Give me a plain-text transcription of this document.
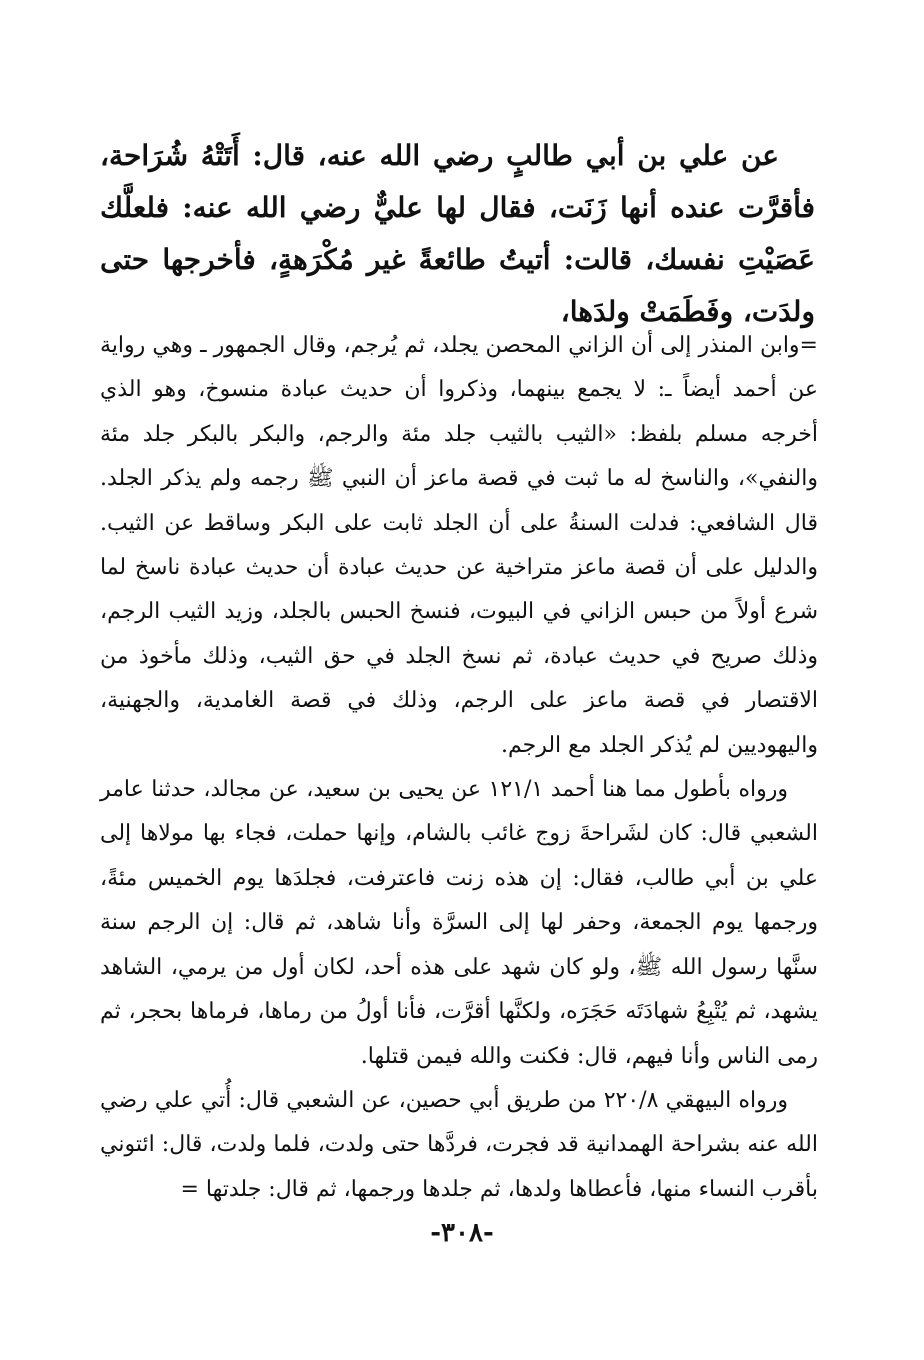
عن علي بن أبي طالبٍ رضي الله عنه، قال: أَتَتْهُ شُرَاحة، فأقرَّت عنده أنها زَنَت، فقال لها عليٌّ رضي الله عنه: فلعلَّك عَصَيْتِ نفسك، قالت: أتيتُ طائعةً غير مُكْرَهةٍ، فأخرجها حتى ولدَت، وفَطَمَتْ ولدَها،

=وابن المنذر إلى أن الزاني المحصن يجلد، ثم يُرجم، وقال الجمهور ـ وهي رواية عن أحمد أيضاً ـ: لا يجمع بينهما، وذكروا أن حديث عبادة منسوخ، وهو الذي أخرجه مسلم بلفظ: «الثيب بالثيب جلد مئة والرجم، والبكر بالبكر جلد مئة والنفي»، والناسخ له ما ثبت في قصة ماعز أن النبي ﷺ رجمه ولم يذكر الجلد. قال الشافعي: فدلت السنةُ على أن الجلد ثابت على البكر وساقط عن الثيب. والدليل على أن قصة ماعز متراخية عن حديث عبادة أن حديث عبادة ناسخ لما شرع أولاً من حبس الزاني في البيوت، فنسخ الحبس بالجلد، وزيد الثيب الرجم، وذلك صريح في حديث عبادة، ثم نسخ الجلد في حق الثيب، وذلك مأخوذ من الاقتصار في قصة ماعز على الرجم، وذلك في قصة الغامدية، والجهنية، واليهوديين لم يُذكر الجلد مع الرجم.

ورواه بأطول مما هنا أحمد ١٢١/١ عن يحيى بن سعيد، عن مجالد، حدثنا عامر الشعبي قال: كان لشَراحةَ زوج غائب بالشام، وإنها حملت، فجاء بها مولاها إلى علي بن أبي طالب، فقال: إن هذه زنت فاعترفت، فجلدَها يوم الخميس مئةً، ورجمها يوم الجمعة، وحفر لها إلى السرَّة وأنا شاهد، ثم قال: إن الرجم سنة سنَّها رسول الله ﷺ، ولو كان شهد على هذه أحد، لكان أول من يرمي، الشاهد يشهد، ثم يُتْبِعُ شهادَتَه حَجَرَه، ولكنَّها أقرَّت، فأنا أولُ من رماها، فرماها بحجر، ثم رمى الناس وأنا فيهم، قال: فكنت والله فيمن قتلها.

ورواه البيهقي ٢٢٠/٨ من طريق أبي حصين، عن الشعبي قال: أُتي علي رضي الله عنه بشراحة الهمدانية قد فجرت، فردَّها حتى ولدت، فلما ولدت، قال: ائتوني بأقرب النساء منها، فأعطاها ولدها، ثم جلدها ورجمها، ثم قال: جلدتها =

-٣٠٨-
